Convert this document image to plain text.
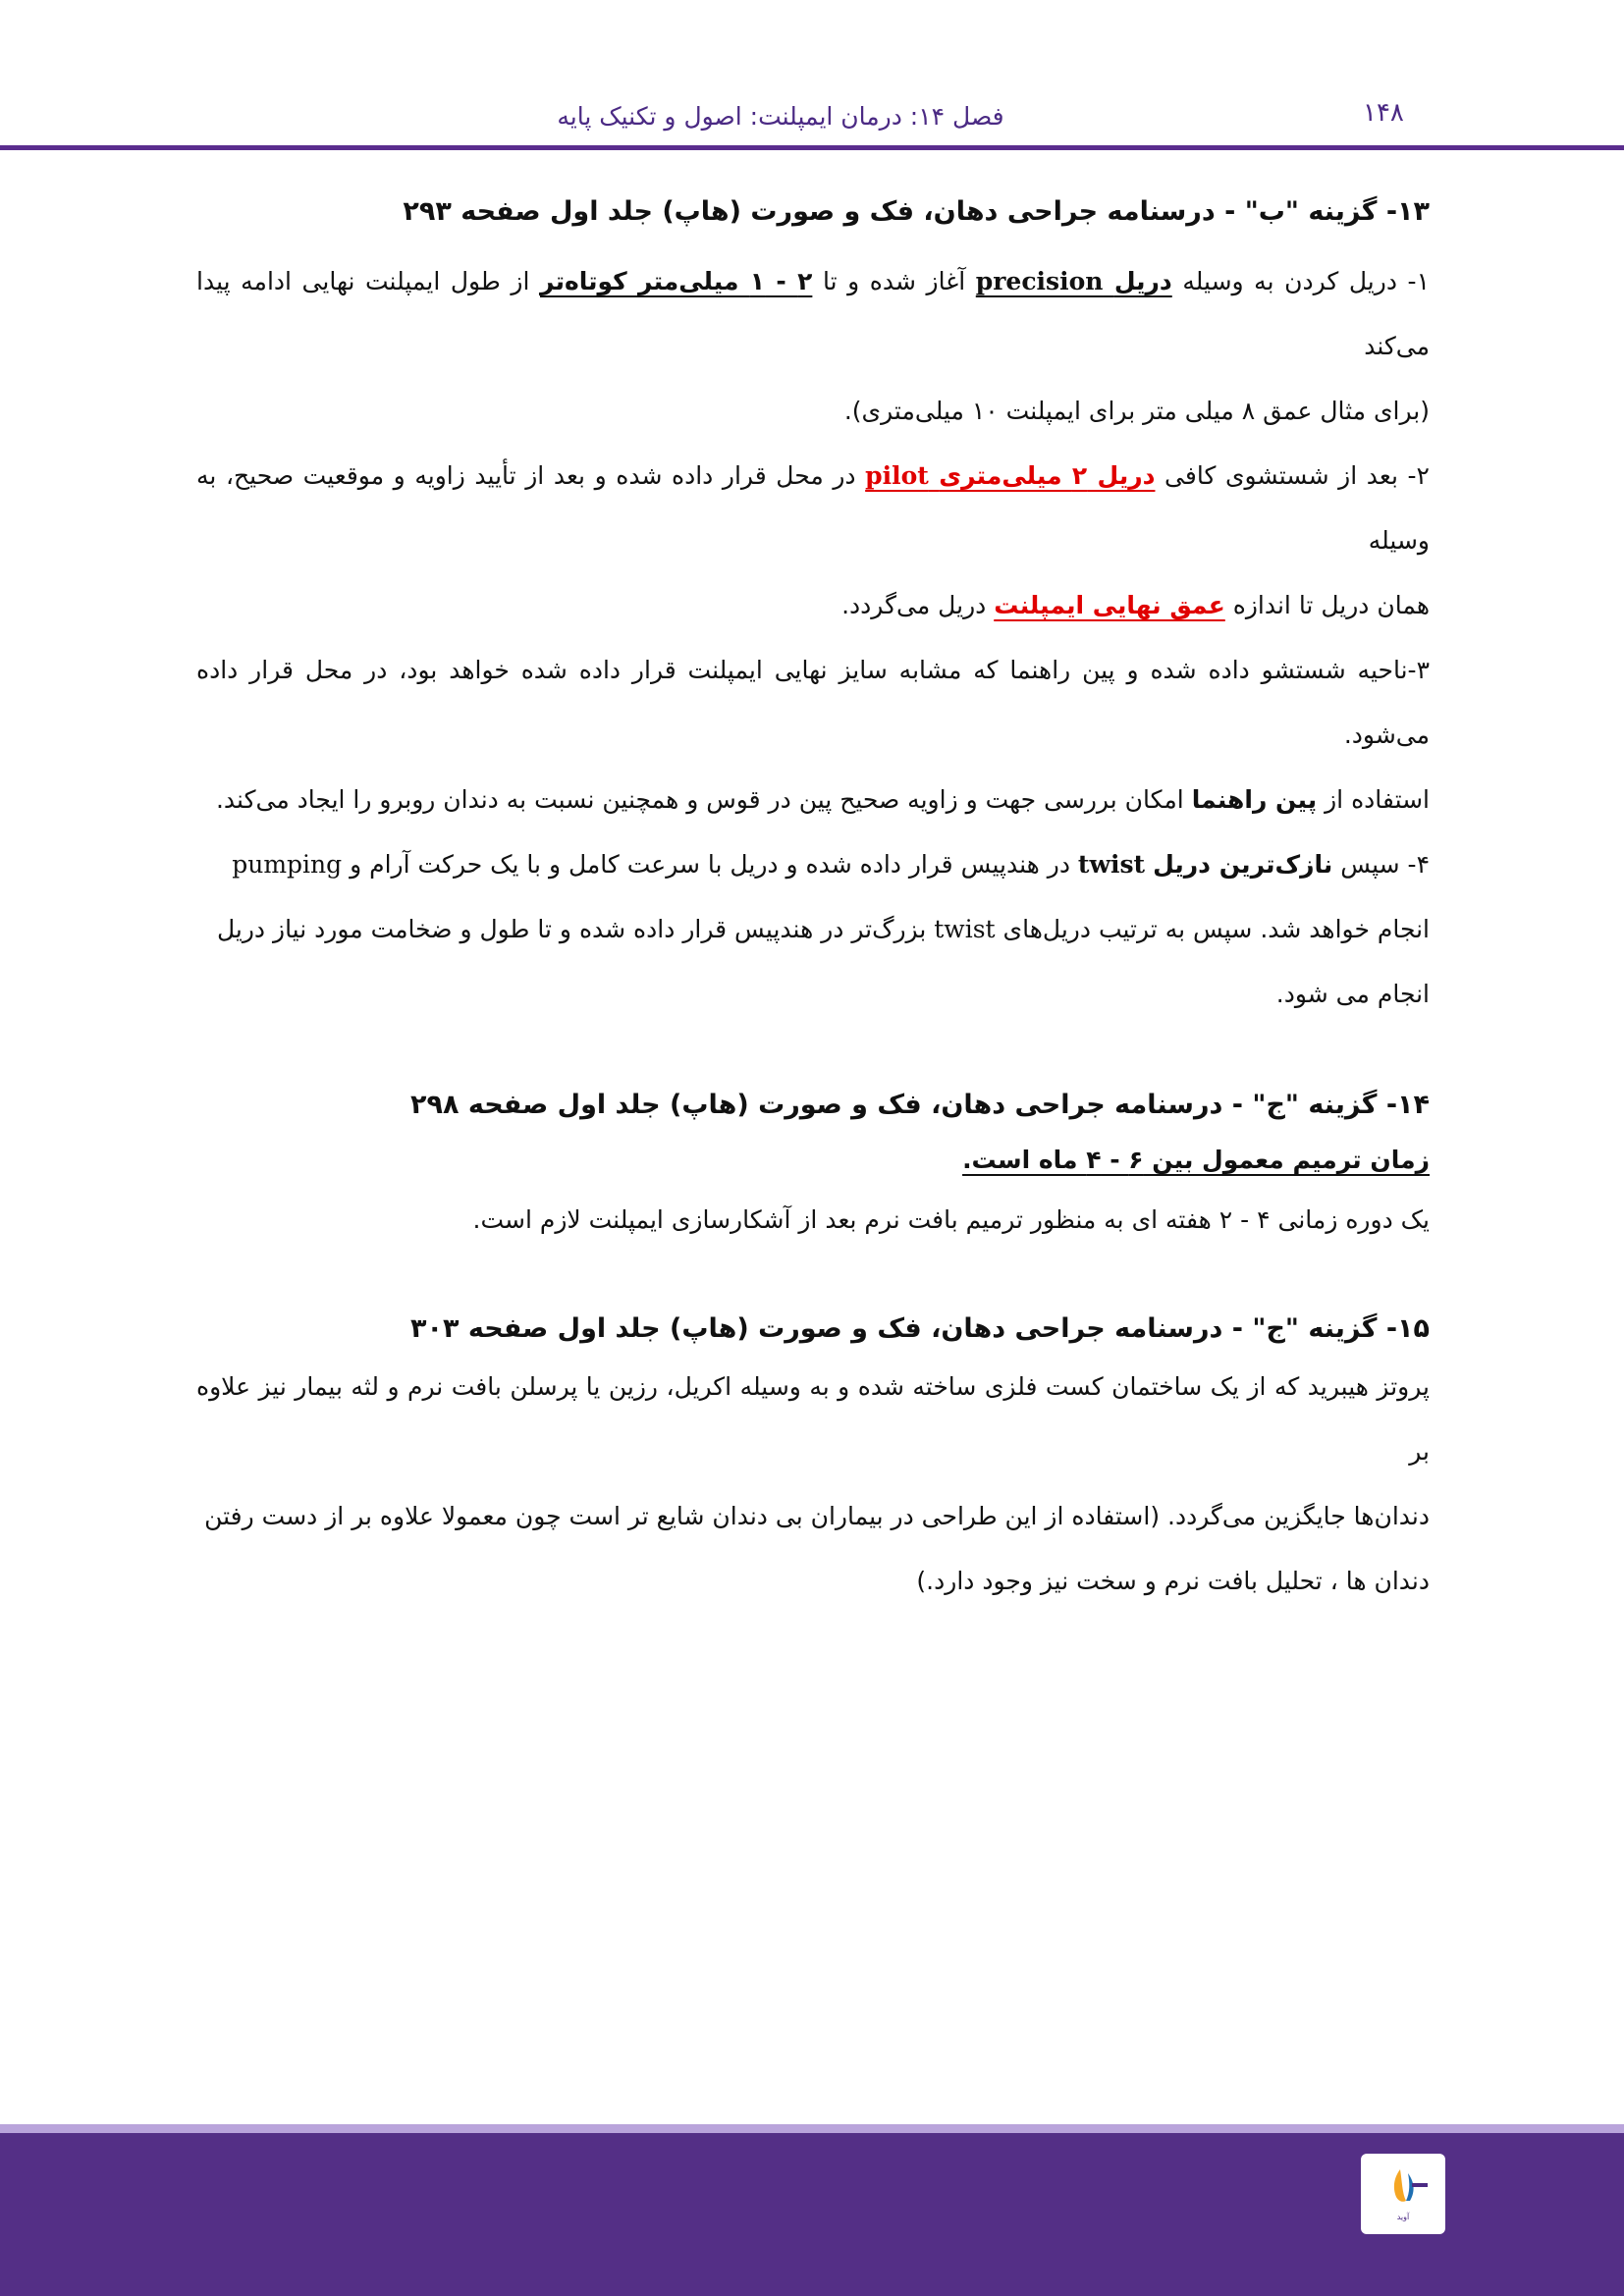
۱۴۸
فصل ۱۴: درمان ایمپلنت: اصول و تکنیک پایه
۱۳- گزینه "ب" - درسنامه جراحی دهان، فک و صورت (هاپ) جلد اول صفحه ۲۹۳

۱- دریل کردن به وسیله دریل precision آغاز شده و تا ۲ - ۱ میلی‌متر کوتاه‌تر از طول ایمپلنت نهایی ادامه پیدا می‌کند

(برای مثال عمق ۸ میلی متر برای ایمپلنت ۱۰ میلی‌متری).

۲- بعد از شستشوی کافی دریل ۲ میلی‌متری pilot در محل قرار داده شده و بعد از تأیید زاویه و موقعیت صحیح، به وسیله

همان دریل تا اندازه عمق نهایی ایمپلنت دریل می‌گردد.

۳-ناحیه شستشو داده شده و پین راهنما که مشابه سایز نهایی ایمپلنت قرار داده شده خواهد بود، در محل قرار داده می‌شود.

استفاده از پین راهنما امکان بررسی جهت و زاویه صحیح پین در قوس و همچنین نسبت به دندان روبرو را ایجاد می‌کند.

۴- سپس نازک‌ترین دریل twist در هندپیس قرار داده شده و دریل با سرعت کامل و با یک حرکت آرام و pumping

انجام خواهد شد. سپس به ترتیب دریل‌های twist بزرگ‌تر در هندپیس قرار داده شده و تا طول و ضخامت مورد نیاز دریل

انجام می شود.

۱۴- گزینه "ج" - درسنامه جراحی دهان، فک و صورت (هاپ) جلد اول صفحه ۲۹۸

زمان ترمیم معمول بین ۶ - ۴ ماه است.

یک دوره زمانی ۴ - ۲ هفته ای به منظور ترمیم بافت نرم بعد از آشکارسازی ایمپلنت لازم است.

۱۵- گزینه "ج" - درسنامه جراحی دهان، فک و صورت (هاپ) جلد اول صفحه ۳۰۳

پروتز هیبرید که از یک ساختمان کست فلزی ساخته شده و به وسیله اکریل، رزین یا پرسلن بافت نرم و لثه بیمار نیز علاوه بر

دندان‌ها جایگزین می‌گردد. (استفاده از این طراحی در بیماران بی دندان شایع تر است چون معمولا علاوه بر از دست رفتن

دندان ها ، تحلیل بافت نرم و سخت نیز وجود دارد.)

آوید
